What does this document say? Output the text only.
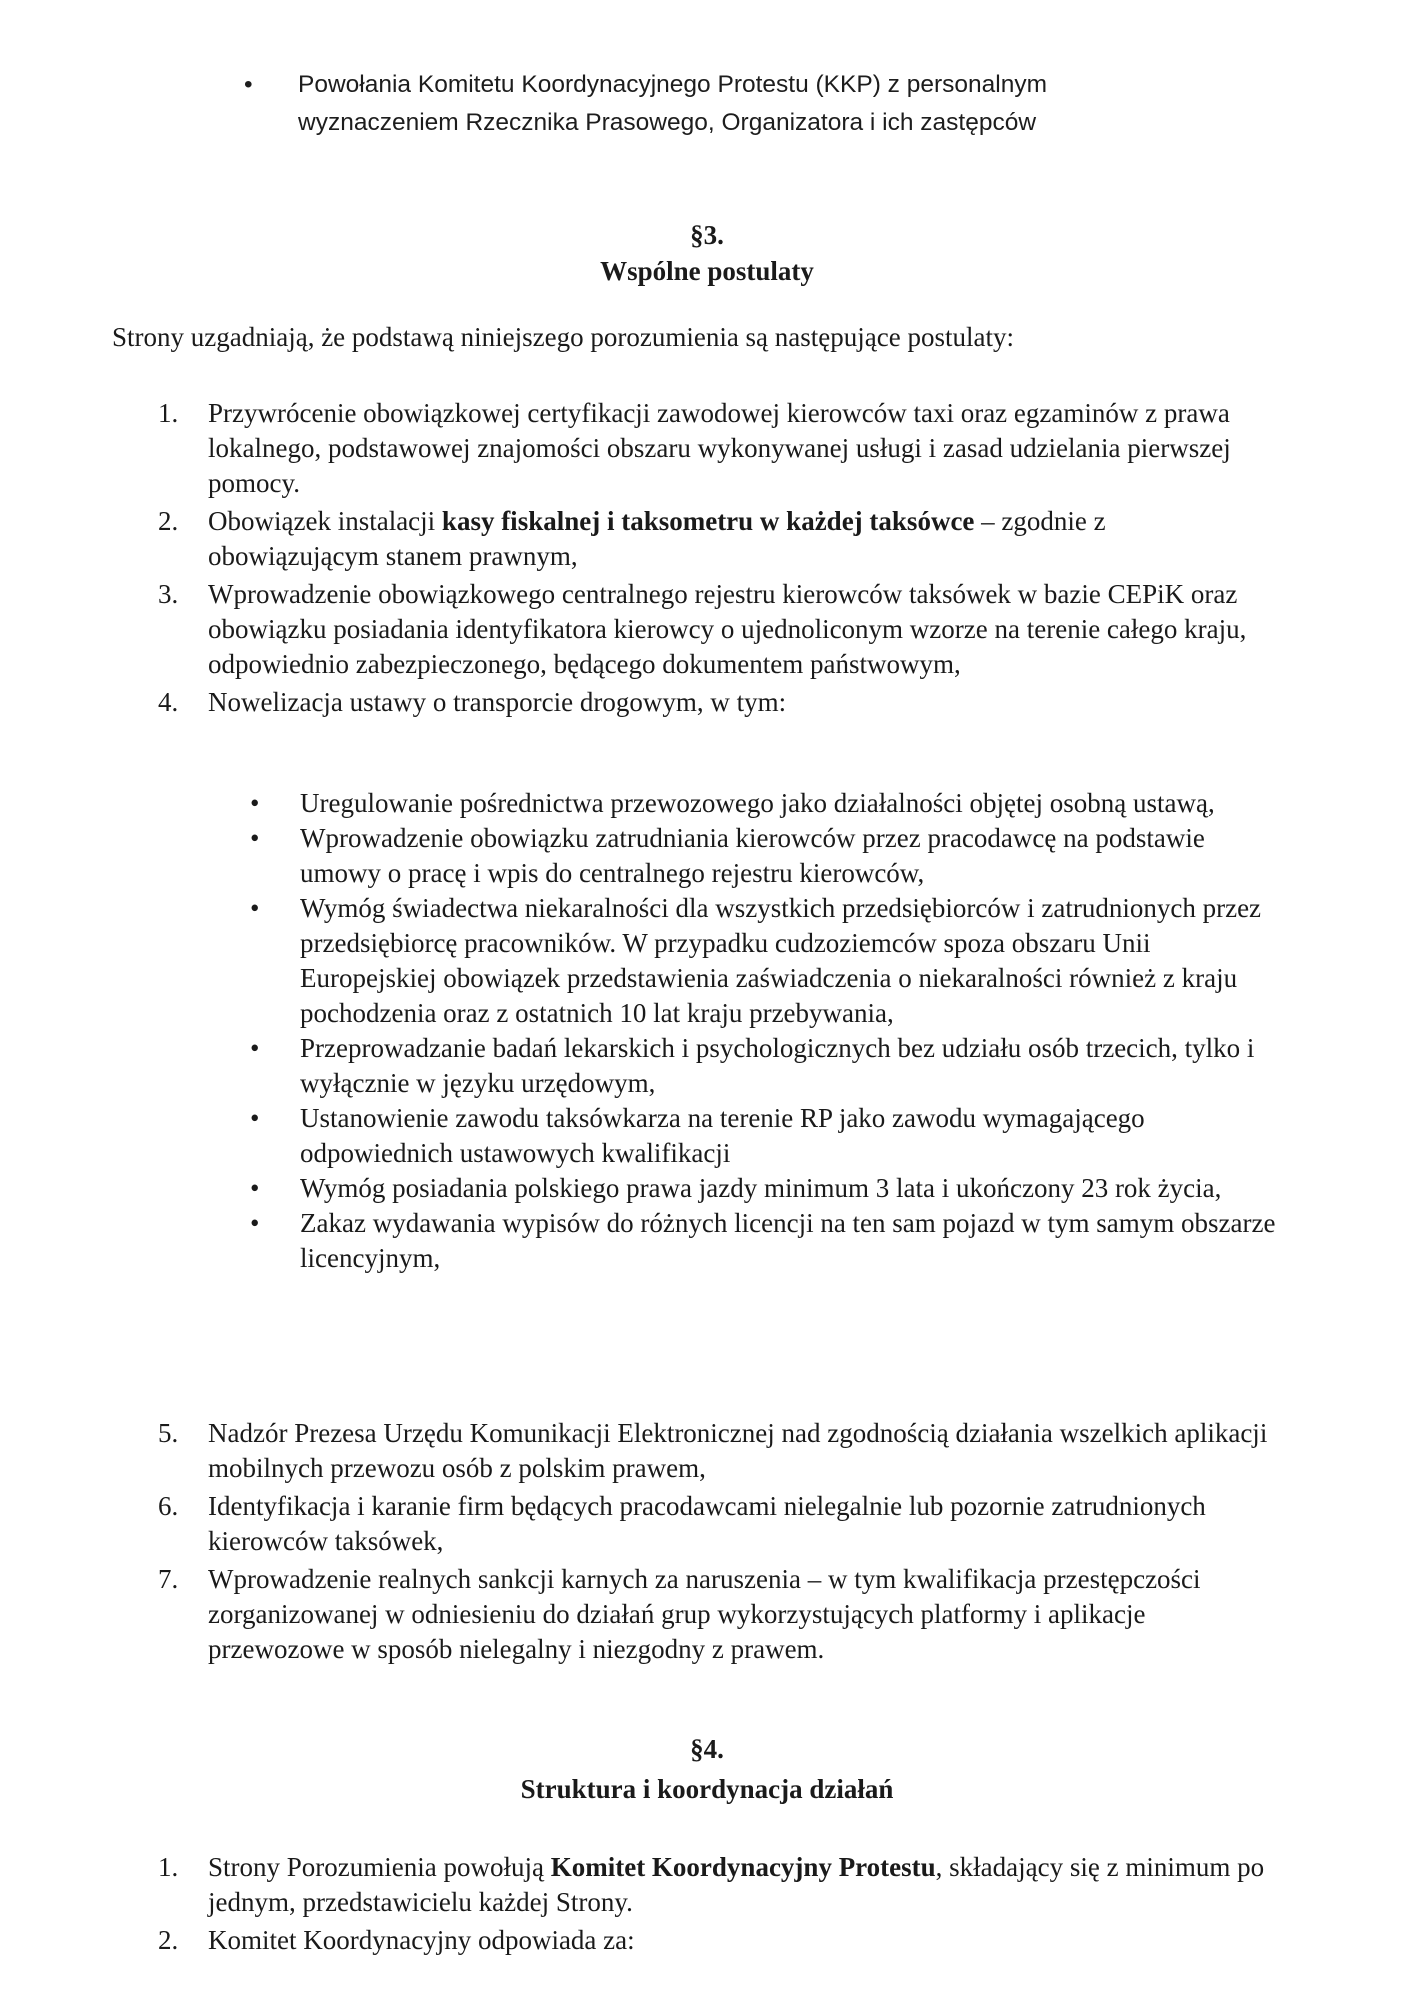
•	Powołania Komitetu Koordynacyjnego Protestu (KKP) z personalnym wyznaczeniem Rzecznika Prasowego, Organizatora i ich zastępców
§3.
Wspólne postulaty
Strony uzgadniają, że podstawą niniejszego porozumienia są następujące postulaty:
1. Przywrócenie obowiązkowej certyfikacji zawodowej kierowców taxi oraz egzaminów z prawa lokalnego, podstawowej znajomości obszaru wykonywanej usługi i zasad udzielania pierwszej pomocy.
2. Obowiązek instalacji kasy fiskalnej i taksometru w każdej taksówce – zgodnie z obowiązującym stanem prawnym,
3. Wprowadzenie obowiązkowego centralnego rejestru kierowców taksówek w bazie CEPiK oraz obowiązku posiadania identyfikatora kierowcy o ujednoliconym wzorze na terenie całego kraju, odpowiednio zabezpieczonego, będącego dokumentem państwowym,
4. Nowelizacja ustawy o transporcie drogowym, w tym:
• Uregulowanie pośrednictwa przewozowego jako działalności objętej osobną ustawą,
• Wprowadzenie obowiązku zatrudniania kierowców przez pracodawcę na podstawie umowy o pracę i wpis do centralnego rejestru kierowców,
• Wymóg świadectwa niekaralności dla wszystkich przedsiębiorców i zatrudnionych przez przedsiębiorcę pracowników. W przypadku cudzoziemców spoza obszaru Unii Europejskiej obowiązek przedstawienia zaświadczenia o niekaralności również z kraju pochodzenia oraz z ostatnich 10 lat kraju przebywania,
• Przeprowadzanie badań lekarskich i psychologicznych bez udziału osób trzecich, tylko i wyłącznie w języku urzędowym,
• Ustanowienie zawodu taksówkarza na terenie RP jako zawodu wymagającego odpowiednich ustawowych kwalifikacji
• Wymóg posiadania polskiego prawa jazdy minimum 3 lata i ukończony 23 rok życia,
• Zakaz wydawania wypisów do różnych licencji na ten sam pojazd w tym samym obszarze licencyjnym,
5. Nadzór Prezesa Urzędu Komunikacji Elektronicznej nad zgodnością działania wszelkich aplikacji mobilnych przewozu osób z polskim prawem,
6. Identyfikacja i karanie firm będących pracodawcami nielegalnie lub pozornie zatrudnionych kierowców taksówek,
7. Wprowadzenie realnych sankcji karnych za naruszenia – w tym kwalifikacja przestępczości zorganizowanej w odniesieniu do działań grup wykorzystujących platformy i aplikacje przewozowe w sposób nielegalny i niezgodny z prawem.
§4.
Struktura i koordynacja działań
1. Strony Porozumienia powołują Komitet Koordynacyjny Protestu, składający się z minimum po jednym, przedstawicielu każdej Strony.
2. Komitet Koordynacyjny odpowiada za:
